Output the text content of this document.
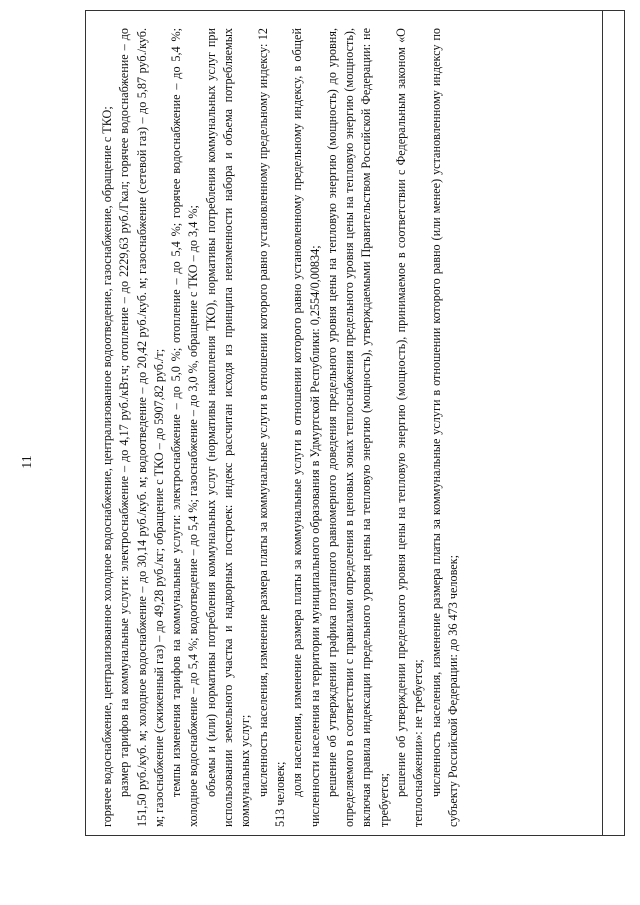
11	горячее водоснабжение, централизованное холодное водоснабжение, централизованное водоотведение, газоснабжение, обращение с ТКО; размер тарифов на коммунальные услуги: электроснабжение – до 4,17 руб./кВт.ч; отопление – до 2229,63 руб./Гкал; горячее водоснабжение – до 151,50 руб./куб. м; холодное водоснабжение – до 30,14 руб./куб. м; водоотведение – до 20,42 руб./куб. м; газоснабжение (сетевой газ) – до 5,87 руб./куб. м; газоснабжение (сжиженный газ) – до 49,28 руб./кг; обращение с ТКО – до 5907,82 руб./т; темпы изменения тарифов на коммунальные услуги: электроснабжение – до 5,0 %; отопление – до 5,4 %; горячее водоснабжение – до 5,4 %; холодное водоснабжение – до 5,4 %; водоотведение – до 5,4 %; газоснабжение – до 3,0 %, обращение с ТКО – до 3,4 %; объемы и (или) нормативы потребления коммунальных услуг (нормативы накопления ТКО), нормативы потребления коммунальных услуг при использовании земельного участка и надворных построек: индекс рассчитан исходя из принципа неизменности набора и объема потребляемых коммунальных услуг; численность населения, изменение размера платы за коммунальные услуги в отношении которого равно установленному предельному индексу: 12 513 человек; доля населения, изменение размера платы за коммунальные услуги в отношении которого равно установленному предельному индексу, в общей численности населения на территории муниципального образования в Удмуртской Республики: 0,2554/0,00834; решение об утверждении графика поэтапного равномерного доведения предельного уровня цены на тепловую энергию (мощность) до уровня, определяемого в соответствии с правилами определения в ценовых зонах теплоснабжения предельного уровня цены на тепловую энергию (мощность), включая правила индексации предельного уровня цены на тепловую энергию (мощность), утверждаемыми Правительством Российской Федерации: не требуется;

решение об утверждении предельного уровня цены на тепловую энергию (мощность), принимаемое в соответствии с Федеральным законом «О теплоснабжении»: не требуется; численность населения, изменение размера платы за коммунальные услуги в отношении которого равно (или менее) установленному индексу по субъекту Российской Федерации: до 36 473 человек;
